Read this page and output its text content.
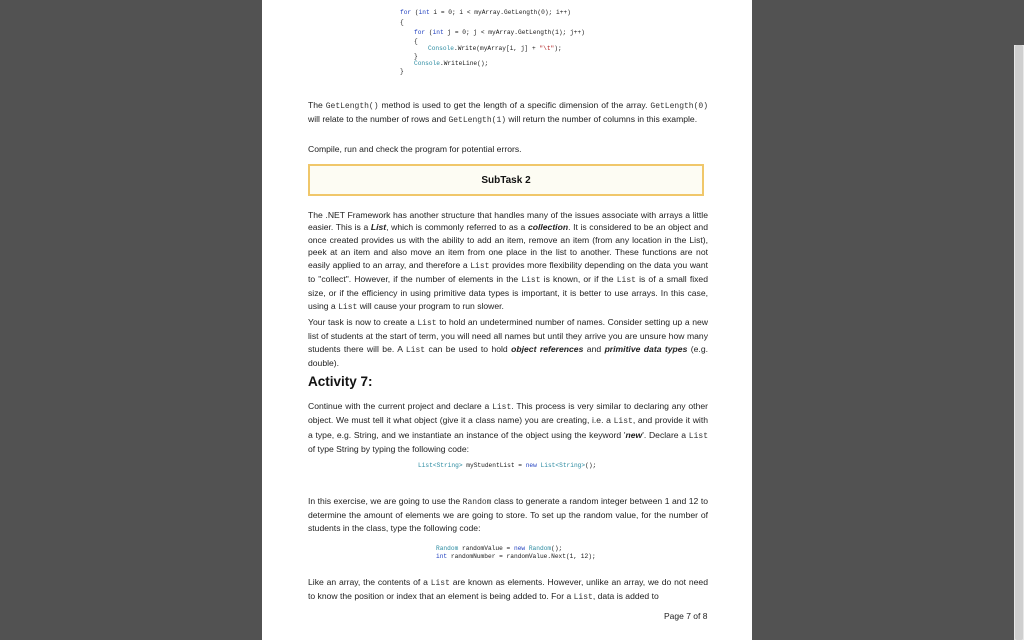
for (int i = 0; i < myArray.GetLength(0); i++)
{
for (int j = 0; j < myArray.GetLength(1); j++)
{
Console.Write(myArray[i, j] + "\t");
}
Console.WriteLine();
}
The GetLength() method is used to get the length of a specific dimension of the array. GetLength(0) will relate to the number of rows and GetLength(1) will return the number of columns in this example.
Compile, run and check the program for potential errors.
SubTask 2
The .NET Framework has another structure that handles many of the issues associate with arrays a little easier. This is a List, which is commonly referred to as a collection. It is considered to be an object and once created provides us with the ability to add an item, remove an item (from any location in the List), peek at an item and also move an item from one place in the list to another. These functions are not easily applied to an array, and therefore a List provides more flexibility depending on the data you want to "collect". However, if the number of elements in the List is known, or if the List is of a small fixed size, or if the efficiency in using primitive data types is important, it is better to use arrays. In this case, using a List will cause your program to run slower.
Your task is now to create a List to hold an undetermined number of names. Consider setting up a new list of students at the start of term, you will need all names but until they arrive you are unsure how many students there will be. A List can be used to hold object references and primitive data types (e.g. double).
Activity 7:
Continue with the current project and declare a List. This process is very similar to declaring any other object. We must tell it what object (give it a class name) you are creating, i.e. a List, and provide it with a type, e.g. String, and we instantiate an instance of the object using the keyword 'new'. Declare a List of type String by typing the following code:
List<String> myStudentList = new List<String>();
In this exercise, we are going to use the Random class to generate a random integer between 1 and 12 to determine the amount of elements we are going to store. To set up the random value, for the number of students in the class, type the following code:
Random randomValue = new Random();
int randomNumber = randomValue.Next(1, 12);
Like an array, the contents of a List are known as elements. However, unlike an array, we do not need to know the position or index that an element is being added to. For a List, data is added to
Page 7 of 8
